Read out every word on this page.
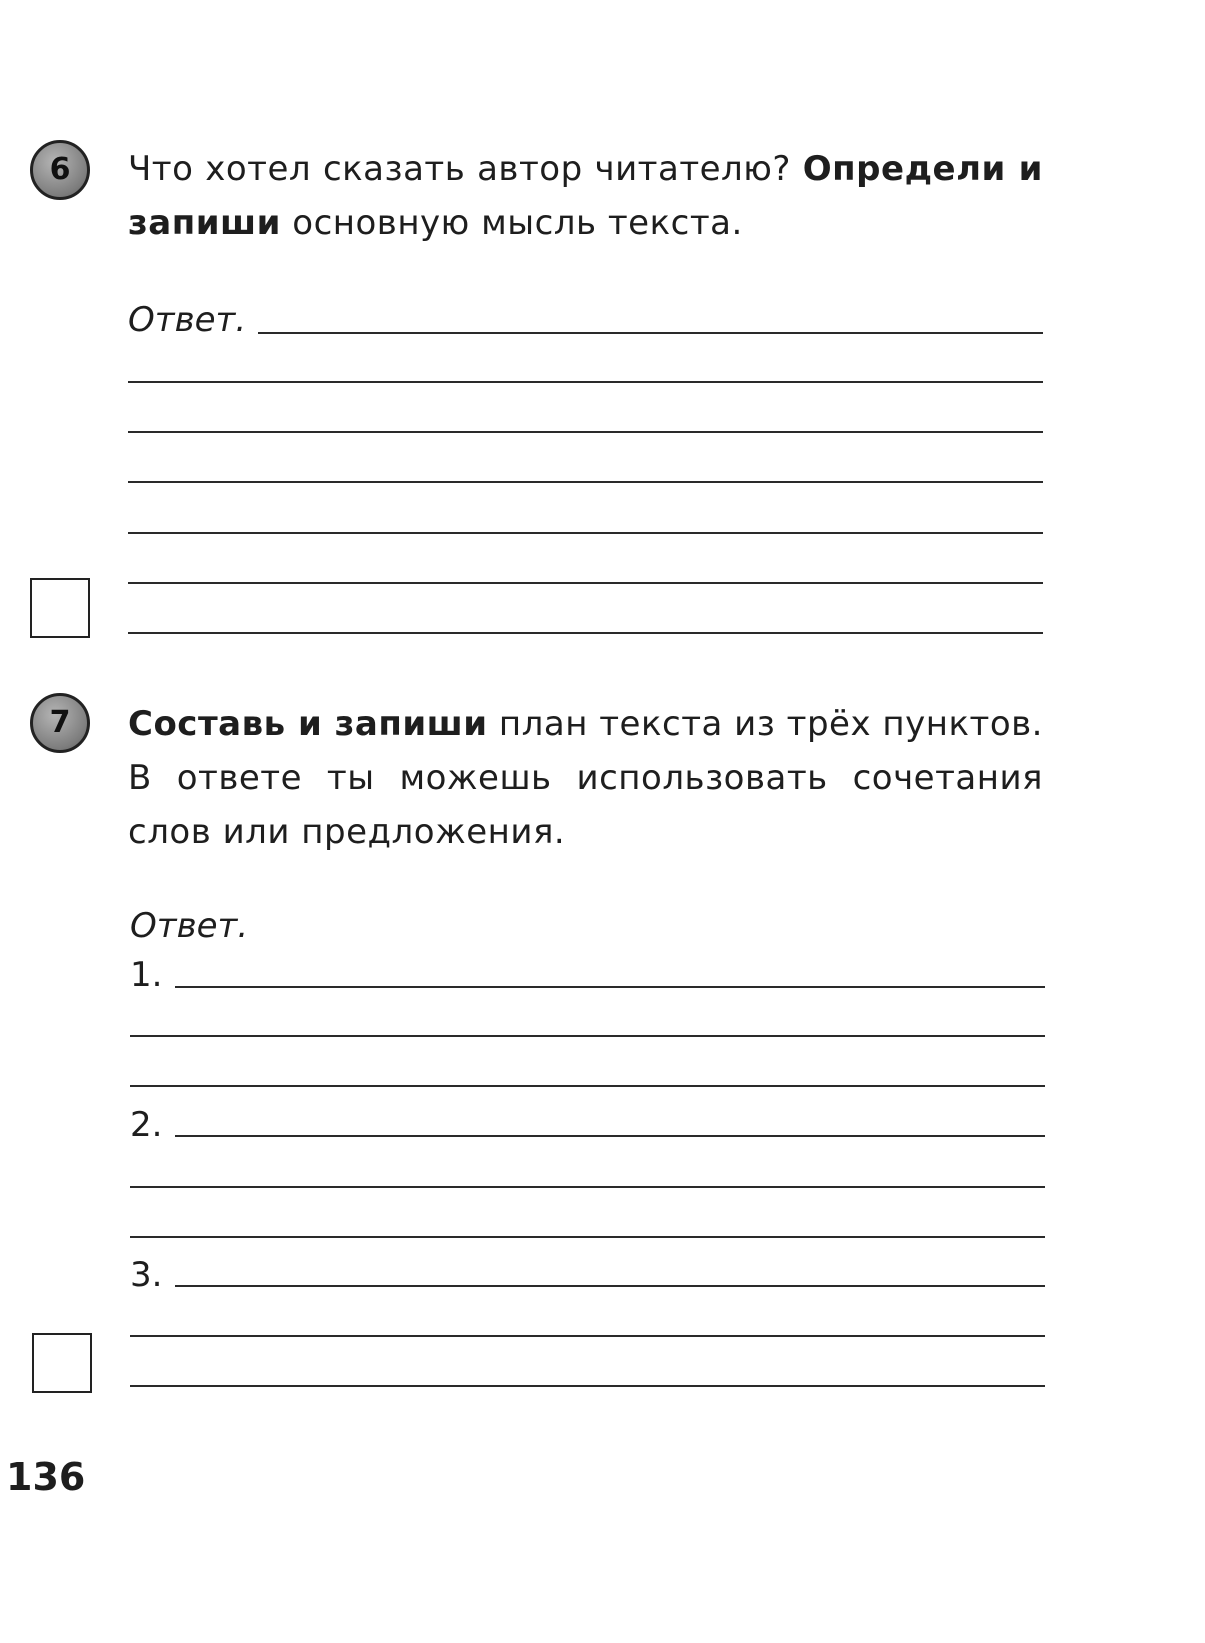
6	Что хотел сказать автор читателю? Определи и запиши основную мысль текста.
Ответ.
7	Составь и запиши план текста из трёх пунктов. В ответе ты можешь использовать сочетания слов или предложения.
Ответ.
1.
2.
3.
136
